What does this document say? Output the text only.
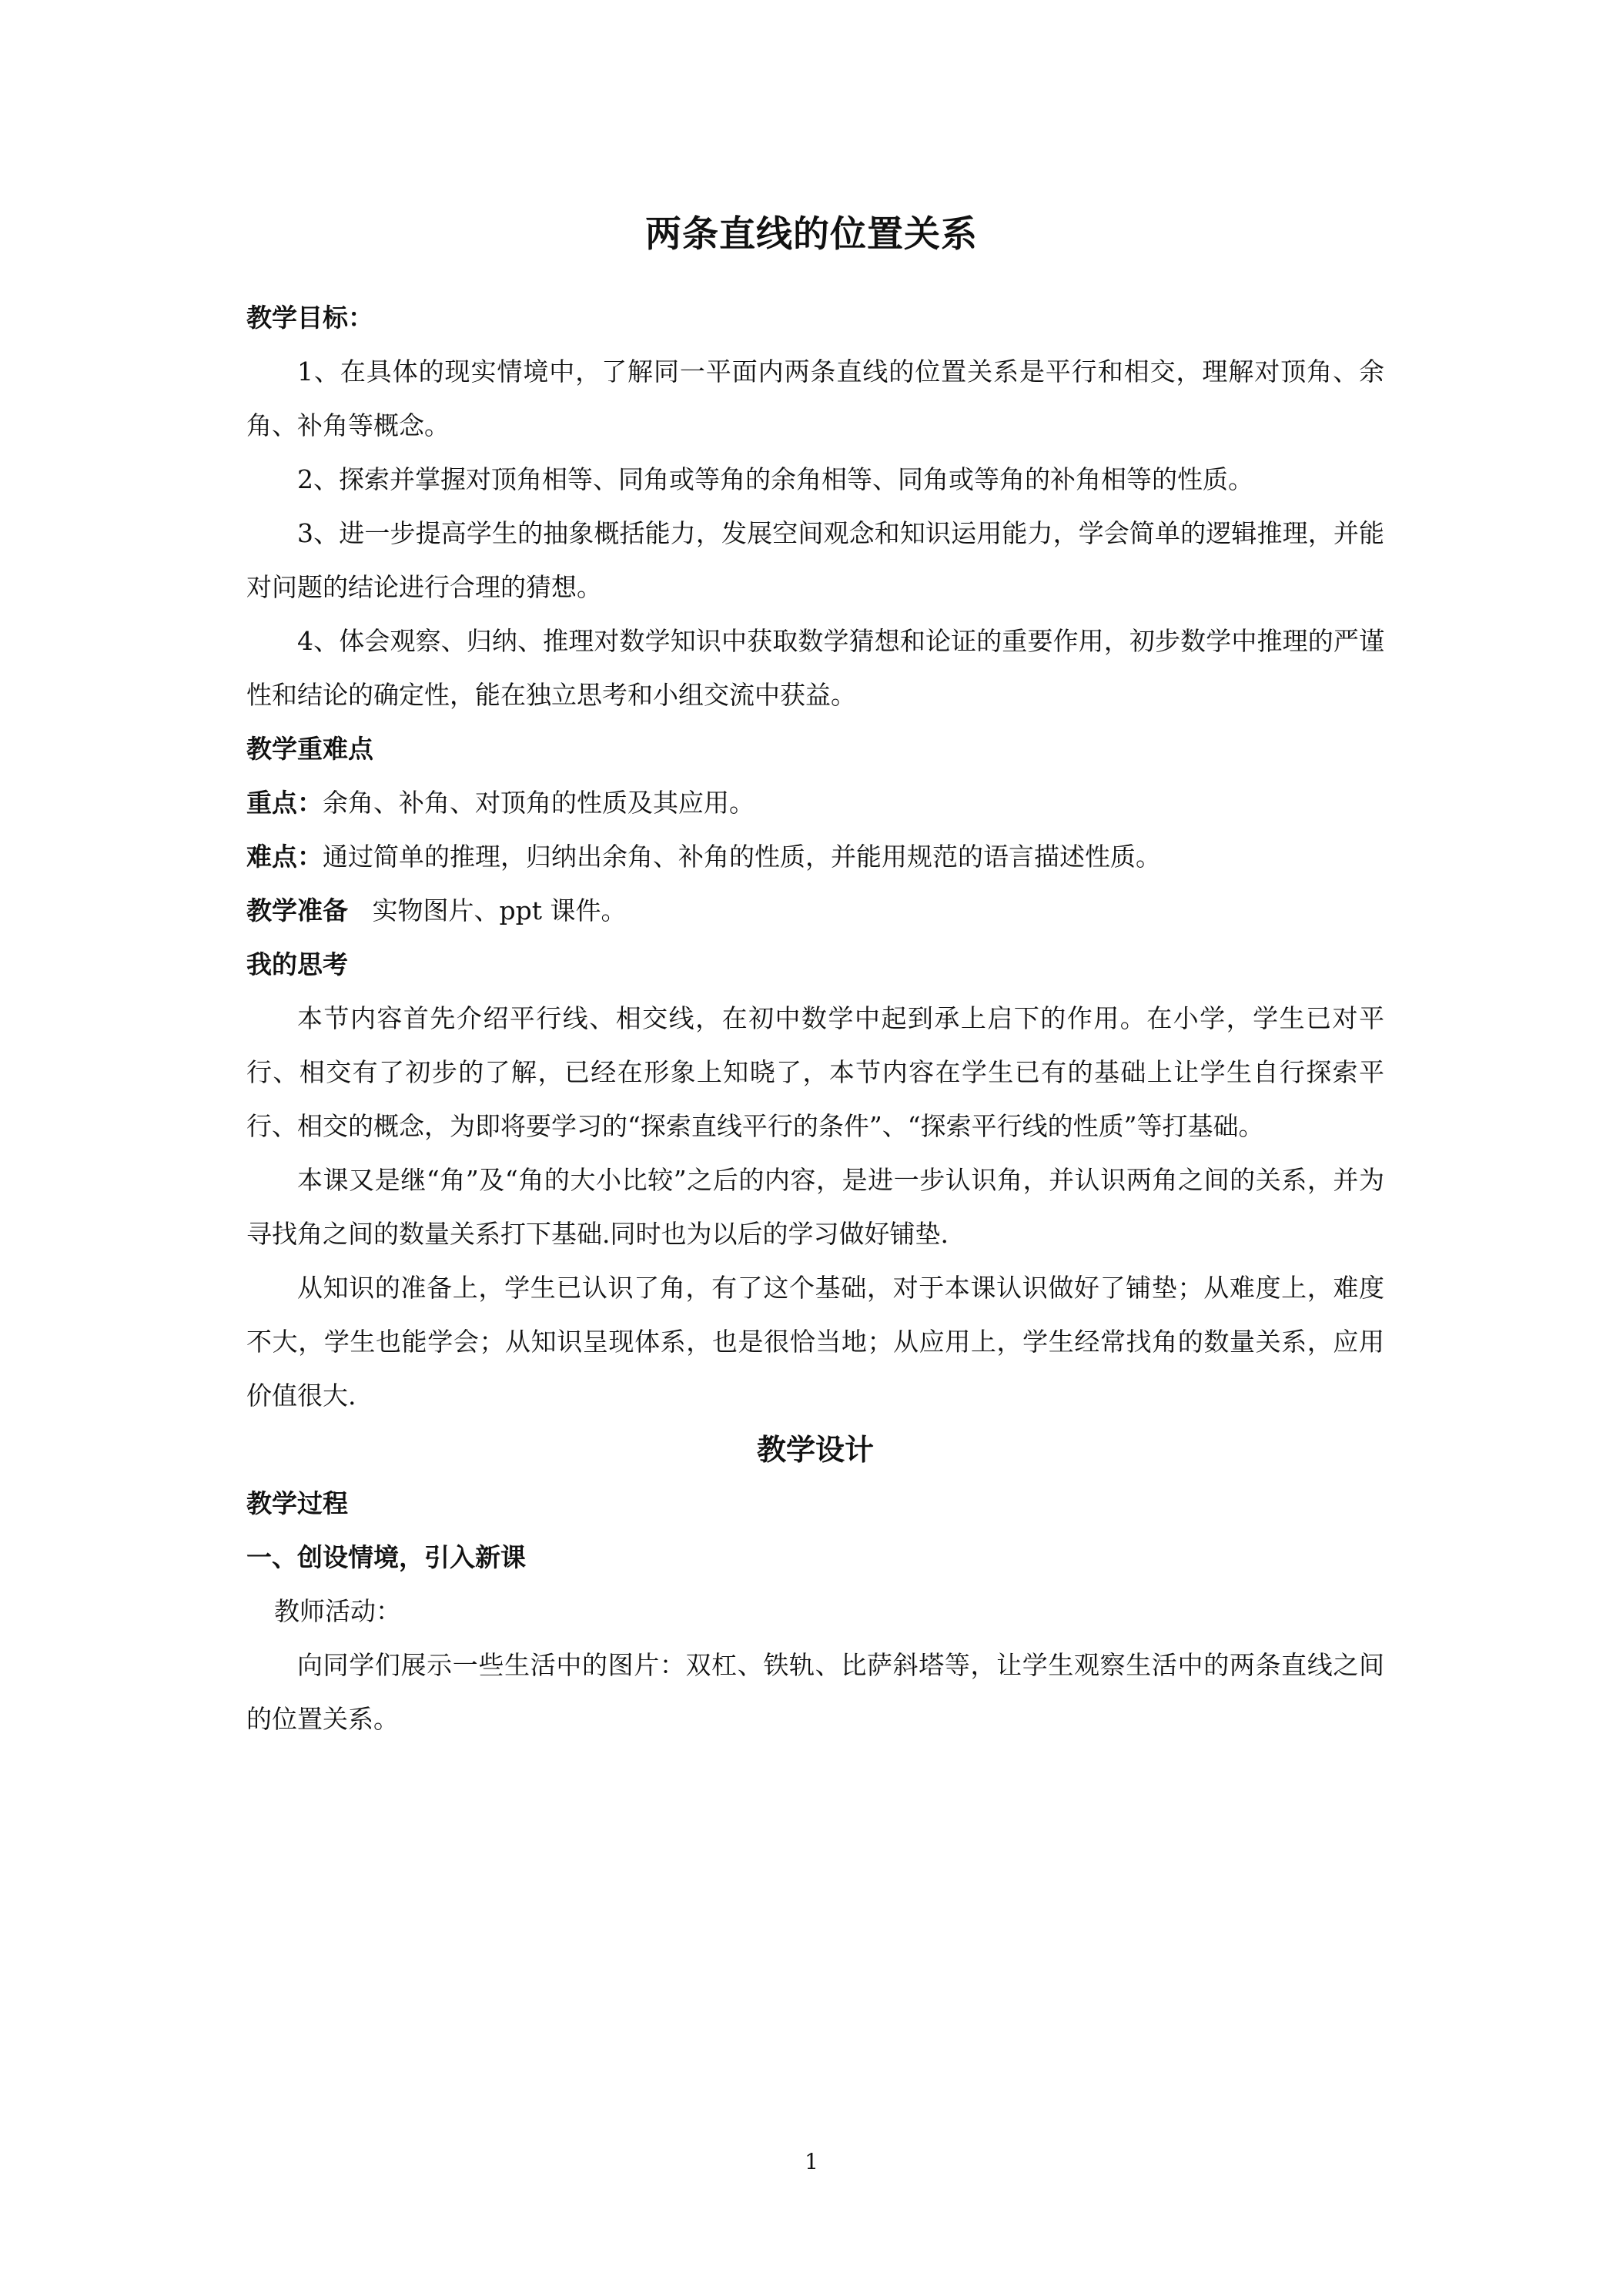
两条直线的位置关系

教学目标：

1、在具体的现实情境中，了解同一平面内两条直线的位置关系是平行和相交，理解对顶角、余角、补角等概念。

2、探索并掌握对顶角相等、同角或等角的余角相等、同角或等角的补角相等的性质。

3、进一步提高学生的抽象概括能力，发展空间观念和知识运用能力，学会简单的逻辑推理，并能对问题的结论进行合理的猜想。

4、体会观察、归纳、推理对数学知识中获取数学猜想和论证的重要作用，初步数学中推理的严谨性和结论的确定性，能在独立思考和小组交流中获益。

教学重难点

重点：余角、补角、对顶角的性质及其应用。

难点：通过简单的推理，归纳出余角、补角的性质，并能用规范的语言描述性质。

教学准备 实物图片、ppt 课件。

我的思考

本节内容首先介绍平行线、相交线，在初中数学中起到承上启下的作用。在小学，学生已对平行、相交有了初步的了解，已经在形象上知晓了，本节内容在学生已有的基础上让学生自行探索平行、相交的概念，为即将要学习的“探索直线平行的条件”、“探索平行线的性质”等打基础。

本课又是继“角”及“角的大小比较”之后的内容，是进一步认识角，并认识两角之间的关系，并为寻找角之间的数量关系打下基础.同时也为以后的学习做好铺垫.

从知识的准备上，学生已认识了角，有了这个基础，对于本课认识做好了铺垫；从难度上，难度不大，学生也能学会；从知识呈现体系，也是很恰当地；从应用上，学生经常找角的数量关系，应用价值很大.

教学设计

教学过程

一、创设情境，引入新课

教师活动：

向同学们展示一些生活中的图片：双杠、铁轨、比萨斜塔等，让学生观察生活中的两条直线之间的位置关系。

1
